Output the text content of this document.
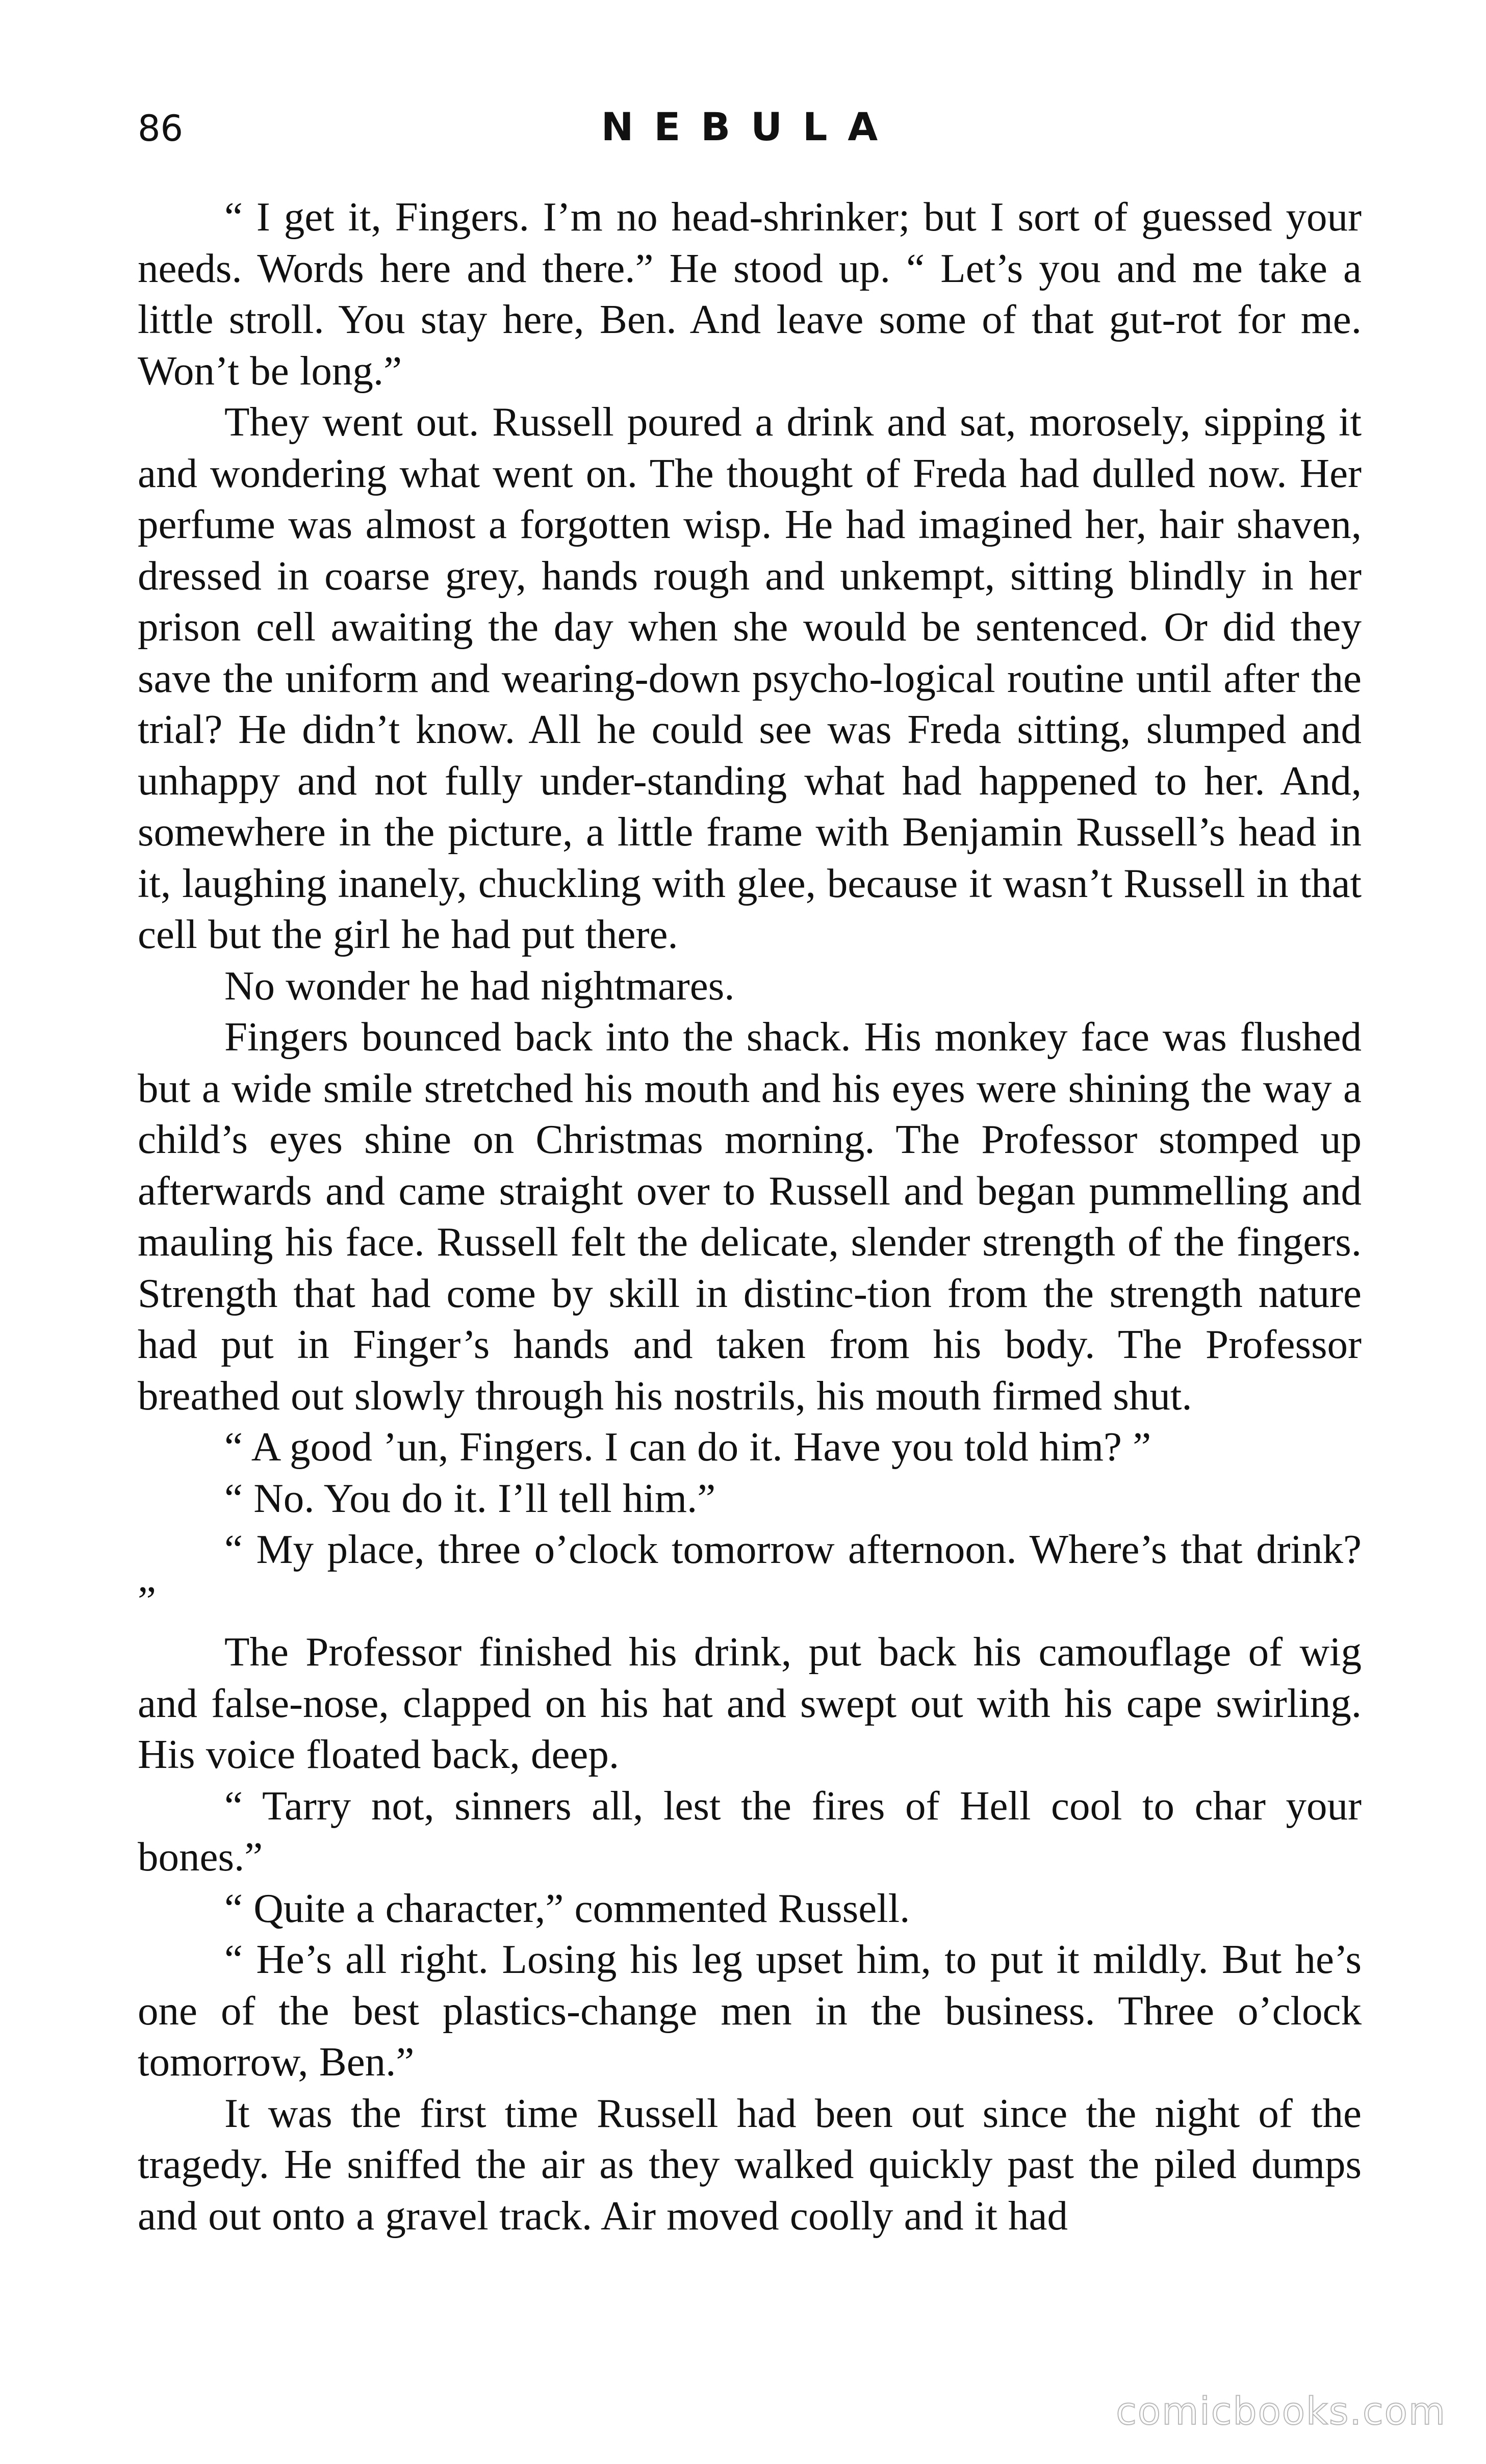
86	NEBULA

“ I get it, Fingers. I’m no head-shrinker; but I sort of guessed your needs. Words here and there.” He stood up. “ Let’s you and me take a little stroll. You stay here, Ben. And leave some of that gut-rot for me. Won’t be long.”

They went out. Russell poured a drink and sat, morosely, sipping it and wondering what went on. The thought of Freda had dulled now. Her perfume was almost a forgotten wisp. He had imagined her, hair shaven, dressed in coarse grey, hands rough and unkempt, sitting blindly in her prison cell awaiting the day when she would be sentenced. Or did they save the uniform and wearing-down psycho-logical routine until after the trial? He didn’t know. All he could see was Freda sitting, slumped and unhappy and not fully under-standing what had happened to her. And, somewhere in the picture, a little frame with Benjamin Russell’s head in it, laughing inanely, chuckling with glee, because it wasn’t Russell in that cell but the girl he had put there.

No wonder he had nightmares.

Fingers bounced back into the shack. His monkey face was flushed but a wide smile stretched his mouth and his eyes were shining the way a child’s eyes shine on Christmas morning. The Professor stomped up afterwards and came straight over to Russell and began pummelling and mauling his face. Russell felt the delicate, slender strength of the fingers. Strength that had come by skill in distinc-tion from the strength nature had put in Finger’s hands and taken from his body. The Professor breathed out slowly through his nostrils, his mouth firmed shut.

“ A good ’un, Fingers. I can do it. Have you told him? ”

“ No. You do it. I’ll tell him.”

“ My place, three o’clock tomorrow afternoon. Where’s that drink? ”

The Professor finished his drink, put back his camouflage of wig and false-nose, clapped on his hat and swept out with his cape swirling. His voice floated back, deep.

“ Tarry not, sinners all, lest the fires of Hell cool to char your bones.”

“ Quite a character,” commented Russell.

“ He’s all right. Losing his leg upset him, to put it mildly. But he’s one of the best plastics-change men in the business. Three o’clock tomorrow, Ben.”

It was the first time Russell had been out since the night of the tragedy. He sniffed the air as they walked quickly past the piled dumps and out onto a gravel track. Air moved coolly and it had

comicbooks.com
